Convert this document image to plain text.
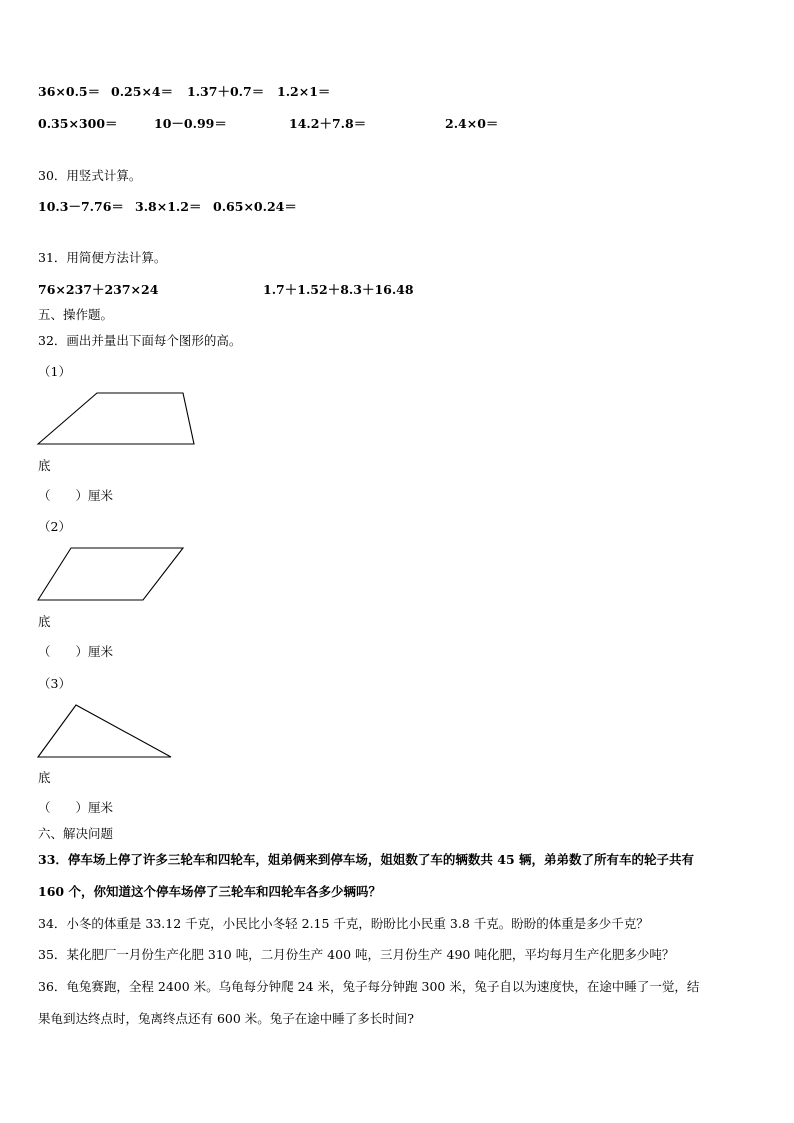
36×0.5＝ 0.25×4＝ 1.37＋0.7＝ 1.2×1＝
0.35×300＝	10－0.99＝	14.2＋7.8＝	2.4×0＝
30．用竖式计算。
10.3－7.76＝ 3.8×1.2＝ 0.65×0.24＝
31．用简便方法计算。
76×237＋237×24	1.7＋1.52＋8.3＋16.48
五、操作题。
32．画出并量出下面每个图形的高。
（1）
底
（　　）厘米
（2）
底
（　　）厘米
（3）
底
（　　）厘米
六、解决问题
33．停车场上停了许多三轮车和四轮车，姐弟俩来到停车场，姐姐数了车的辆数共 45 辆，弟弟数了所有车的轮子共有
160 个，你知道这个停车场停了三轮车和四轮车各多少辆吗？
34．小冬的体重是 33.12 千克，小民比小冬轻 2.15 千克，盼盼比小民重 3.8 千克。盼盼的体重是多少千克？
35．某化肥厂一月份生产化肥 310 吨，二月份生产 400 吨，三月份生产 490 吨化肥，平均每月生产化肥多少吨？
36．龟兔赛跑，全程 2400 米。乌龟每分钟爬 24 米，兔子每分钟跑 300 米，兔子自以为速度快，在途中睡了一觉，结
果龟到达终点时，兔离终点还有 600 米。兔子在途中睡了多长时间?
